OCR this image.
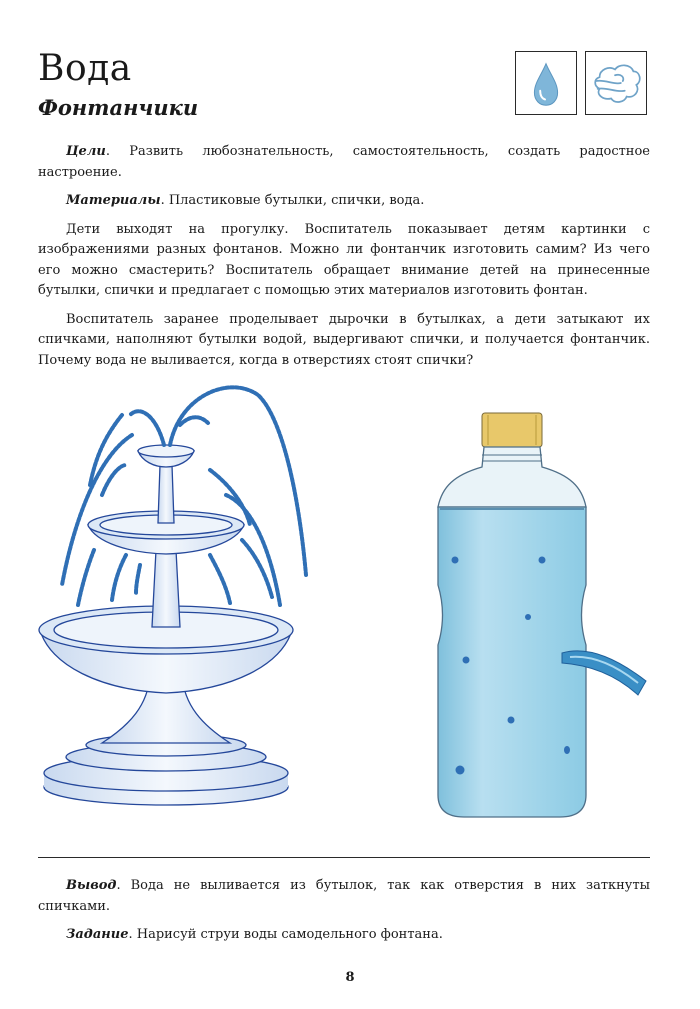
Вода
Фонтанчики

Цели. Развить любознательность, самостоятельность, создать радостное настроение.

Материалы. Пластиковые бутылки, спички, вода.

Дети выходят на прогулку. Воспитатель показывает детям картинки с изображениями разных фонтанов. Можно ли фонтанчик изготовить самим? Из чего его можно смастерить? Воспитатель обращает внимание детей на принесенные бутылки, спички и предлагает с помощью этих материалов изготовить фонтан.

Воспитатель заранее проделывает дырочки в бутылках, а дети затыкают их спичками, наполняют бутылки водой, выдергивают спички, и получается фонтанчик. Почему вода не выливается, когда в отверстиях стоят спички?

Вывод. Вода не выливается из бутылок, так как отверстия в них заткнуты спичками.

Задание. Нарисуй струи воды самодельного фонтана.

8
